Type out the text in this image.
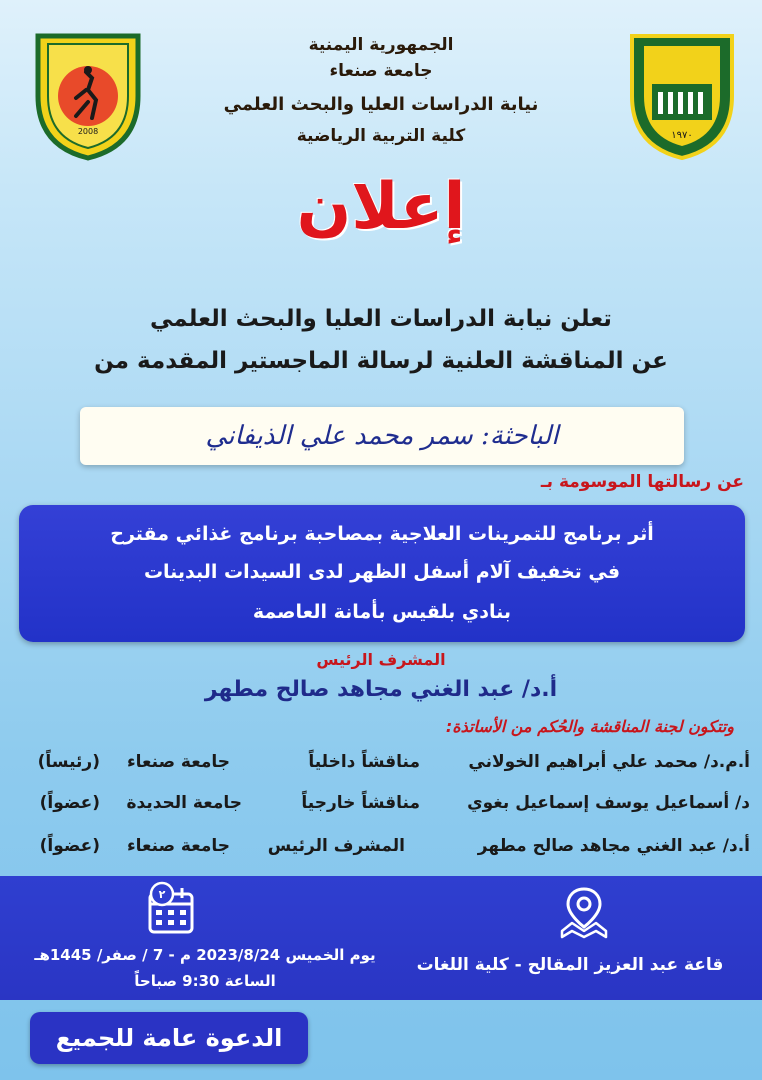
الجمهورية اليمنية
جامعة صنعاء
نيابة الدراسات العليا والبحث العلمي
كلية التربية الرياضية
2008	١٩٧٠
إعلان
تعلن نيابة الدراسات العليا والبحث العلمي
عن المناقشة العلنية لرسالة الماجستير المقدمة من
الباحثة: سمر محمد علي الذيفاني
عن رسالتها الموسومة بـ
أثر برنامج للتمرينات العلاجية بمصاحبة برنامج غذائي مقترح
في تخفيف آلام أسفل الظهر لدى السيدات البدينات
بنادي بلقيس بأمانة العاصمة
المشرف الرئيس
أ.د/ عبد الغني مجاهد صالح مطهر
وتتكون لجنة المناقشة والحُكم من الأساتذة:
أ.م.د/ محمد علي أبراهيم الخولاني
مناقشاً داخلياً
جامعة صنعاء
(رئيساً)
د/ أسماعيل يوسف إسماعيل بغوي
مناقشاً خارجياً
جامعة الحديدة
(عضواً)
أ.د/ عبد الغني مجاهد صالح مطهر
المشرف الرئيس
جامعة صنعاء
(عضواً)
قاعة عبد العزيز المقالح - كلية اللغات
٢
يوم الخميس 2023/8/24 م - 7 / صفر/ 1445هـ
الساعة 9:30 صباحاً
الدعوة عامة للجميع
